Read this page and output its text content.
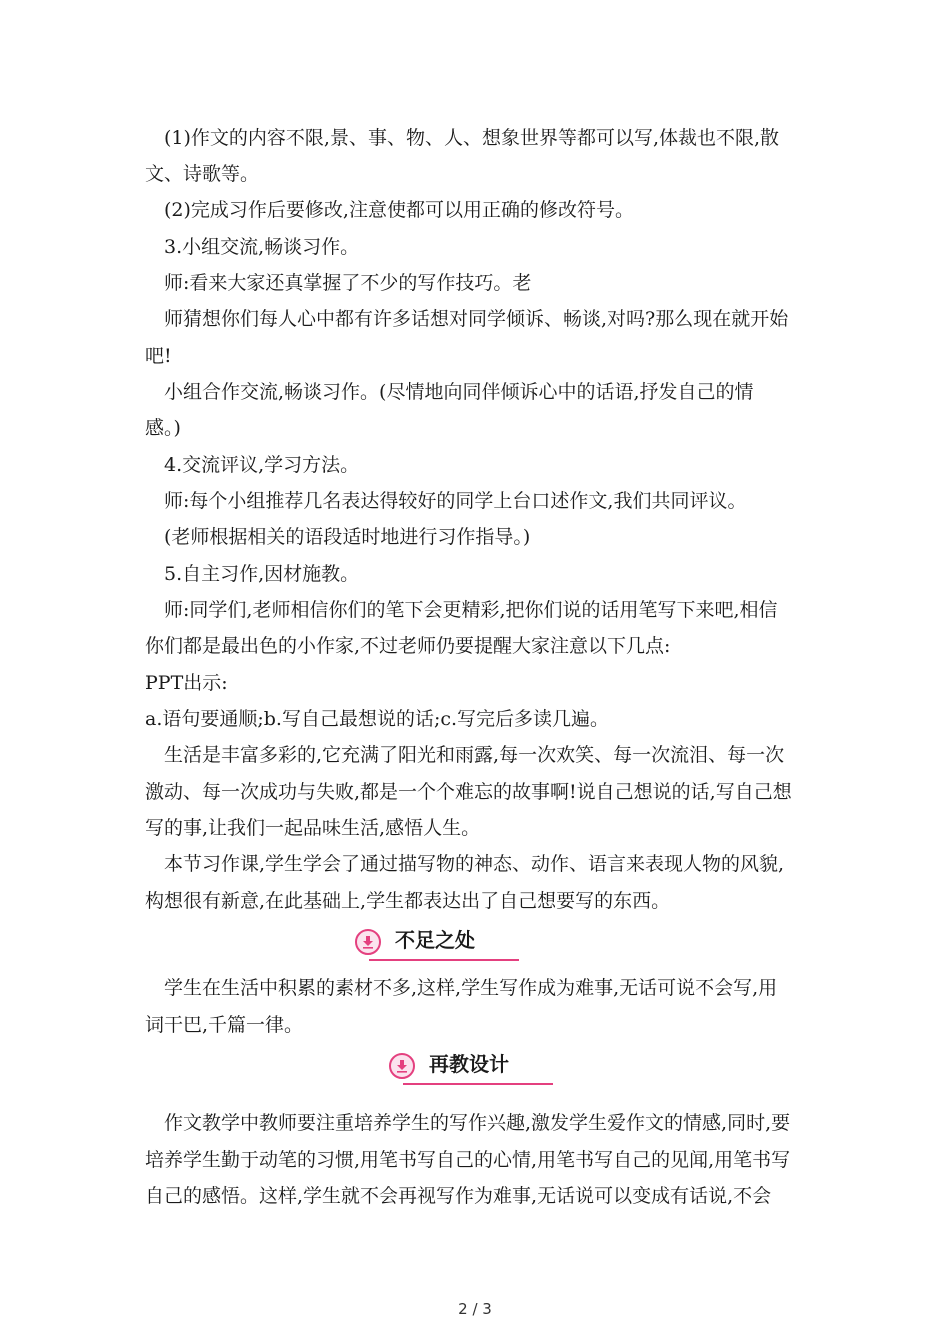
(1)作文的内容不限,景、事、物、人、想象世界等都可以写,体裁也不限,散
文、诗歌等。
(2)完成习作后要修改,注意使都可以用正确的修改符号。
3.小组交流,畅谈习作。
师:看来大家还真掌握了不少的写作技巧。老
师猜想你们每人心中都有许多话想对同学倾诉、畅谈,对吗?那么现在就开始
吧!
小组合作交流,畅谈习作。(尽情地向同伴倾诉心中的话语,抒发自己的情
感。)
4.交流评议,学习方法。
师:每个小组推荐几名表达得较好的同学上台口述作文,我们共同评议。
(老师根据相关的语段适时地进行习作指导。)
5.自主习作,因材施教。
师:同学们,老师相信你们的笔下会更精彩,把你们说的话用笔写下来吧,相信
你们都是最出色的小作家,不过老师仍要提醒大家注意以下几点:
PPT出示:
a.语句要通顺;b.写自己最想说的话;c.写完后多读几遍。
生活是丰富多彩的,它充满了阳光和雨露,每一次欢笑、每一次流泪、每一次
激动、每一次成功与失败,都是一个个难忘的故事啊!说自己想说的话,写自己想
写的事,让我们一起品味生活,感悟人生。
本节习作课,学生学会了通过描写物的神态、动作、语言来表现人物的风貌,
构想很有新意,在此基础上,学生都表达出了自己想要写的东西。
不足之处
学生在生活中积累的素材不多,这样,学生写作成为难事,无话可说不会写,用
词干巴,千篇一律。
再教设计
作文教学中教师要注重培养学生的写作兴趣,激发学生爱作文的情感,同时,要
培养学生勤于动笔的习惯,用笔书写自己的心情,用笔书写自己的见闻,用笔书写
自己的感悟。这样,学生就不会再视写作为难事,无话说可以变成有话说,不会
2 / 3
